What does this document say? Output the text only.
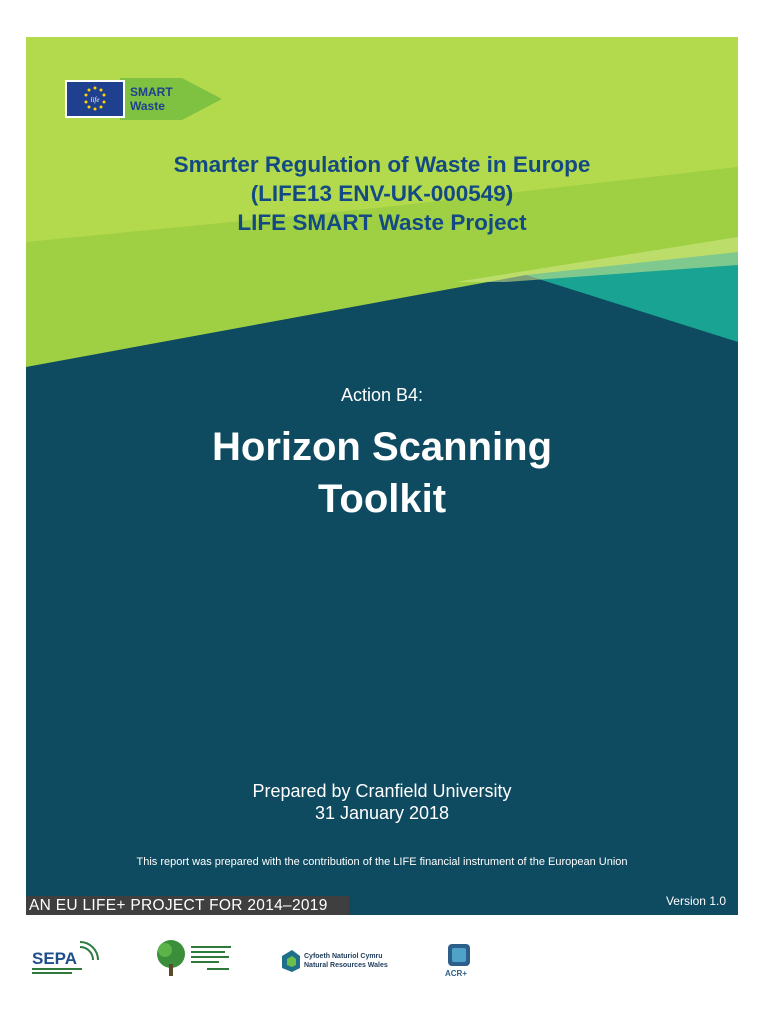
life
SMART
Waste
Smarter Regulation of Waste in Europe
(LIFE13 ENV-UK-000549)
LIFE SMART Waste Project
Action B4:
Horizon Scanning
Toolkit
Prepared by Cranfield University
31 January 2018
This report was prepared with the contribution of the LIFE financial instrument of the European Union
AN EU LIFE+ PROJECT FOR 2014–2019	Version 1.0
SEPA	Cyfoeth Naturiol Cymru
Natural Resources Wales
ACR+
